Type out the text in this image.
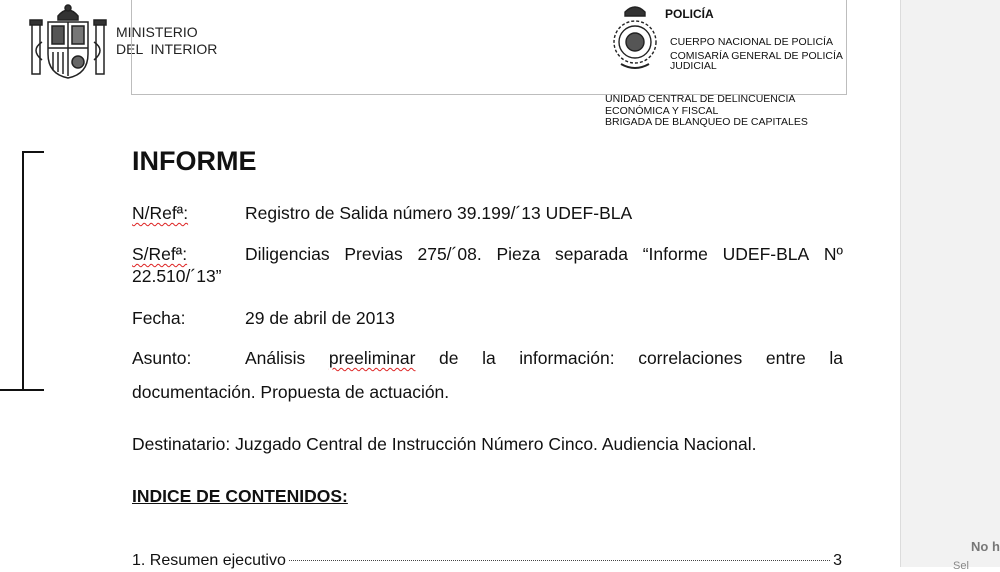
MINISTERIO
DEL  INTERIOR
POLICÍA
CUERPO NACIONAL DE POLICÍA
COMISARÍA GENERAL DE POLICÍA JUDICIAL
UNIDAD CENTRAL DE DELINCUENCIA
ECONÓMICA Y FISCAL
BRIGADA DE BLANQUEO DE CAPITALES
INFORME
N/Refª:	Registro de Salida número 39.199/´13 UDEF-BLA
S/Refª:	Diligencias Previas 275/´08. Pieza separada “Informe UDEF-BLA Nº
22.510/´13”
Fecha:	29 de abril de 2013
Asunto:	Análisis preeliminar de la información: correlaciones entre la
documentación. Propuesta de actuación.
Destinatario: Juzgado Central de Instrucción Número Cinco. Audiencia Nacional.
INDICE DE CONTENIDOS:
1. Resumen ejecutivo	3
No h
Sel
